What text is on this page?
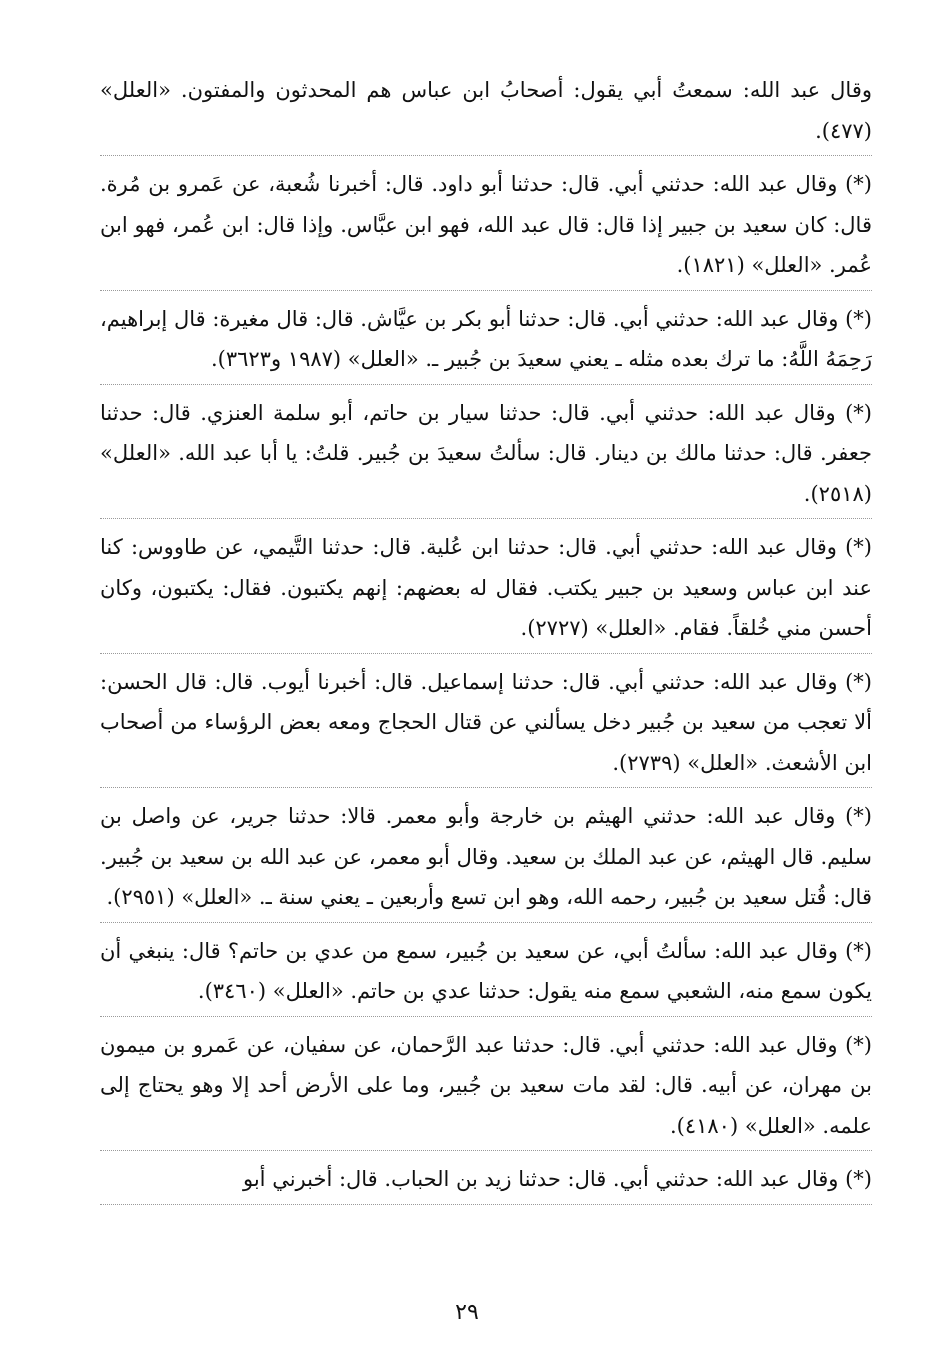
وقال عبد الله: سمعتُ أبي يقول: أصحابُ ابن عباس هم المحدثون والمفتون. «العلل» (٤٧٧).
(*) وقال عبد الله: حدثني أبي. قال: حدثنا أبو داود. قال: أخبرنا شُعبة، عن عَمرو بن مُرة. قال: كان سعيد بن جبير إذا قال: قال عبد الله، فهو ابن عبَّاس. وإذا قال: ابن عُمر، فهو ابن عُمر. «العلل» (١٨٢١).
(*) وقال عبد الله: حدثني أبي. قال: حدثنا أبو بكر بن عيَّاش. قال: قال مغيرة: قال إبراهيم، رَحِمَهُ اللَّهُ: ما ترك بعده مثله ـ يعني سعيدَ بن جُبير ـ. «العلل» (١٩٨٧ و٣٦٢٣).
(*) وقال عبد الله: حدثني أبي. قال: حدثنا سيار بن حاتم، أبو سلمة العنزي. قال: حدثنا جعفر. قال: حدثنا مالك بن دينار. قال: سألتُ سعيدَ بن جُبير. قلتُ: يا أبا عبد الله. «العلل» (٢٥١٨).
(*) وقال عبد الله: حدثني أبي. قال: حدثنا ابن عُلية. قال: حدثنا التَّيمي، عن طاووس: كنا عند ابن عباس وسعيد بن جبير يكتب. فقال له بعضهم: إنهم يكتبون. فقال: يكتبون، وكان أحسن مني خُلقاً. فقام. «العلل» (٢٧٢٧).
(*) وقال عبد الله: حدثني أبي. قال: حدثنا إسماعيل. قال: أخبرنا أيوب. قال: قال الحسن: ألا تعجب من سعيد بن جُبير دخل يسألني عن قتال الحجاج ومعه بعض الرؤساء من أصحاب ابن الأشعث. «العلل» (٢٧٣٩).
(*) وقال عبد الله: حدثني الهيثم بن خارجة وأبو معمر. قالا: حدثنا جرير، عن واصل بن سليم. قال الهيثم، عن عبد الملك بن سعيد. وقال أبو معمر، عن عبد الله بن سعيد بن جُبير. قال: قُتل سعيد بن جُبير، رحمه الله، وهو ابن تسع وأربعين ـ يعني سنة ـ. «العلل» (٢٩٥١).
(*) وقال عبد الله: سألتُ أبي، عن سعيد بن جُبير، سمع من عدي بن حاتم؟ قال: ينبغي أن يكون سمع منه، الشعبي سمع منه يقول: حدثنا عدي بن حاتم. «العلل» (٣٤٦٠).
(*) وقال عبد الله: حدثني أبي. قال: حدثنا عبد الرَّحمان، عن سفيان، عن عَمرو بن ميمون بن مهران، عن أبيه. قال: لقد مات سعيد بن جُبير، وما على الأرض أحد إلا وهو يحتاج إلى علمه. «العلل» (٤١٨٠).
(*) وقال عبد الله: حدثني أبي. قال: حدثنا زيد بن الحباب. قال: أخبرني أبو
٢٩
